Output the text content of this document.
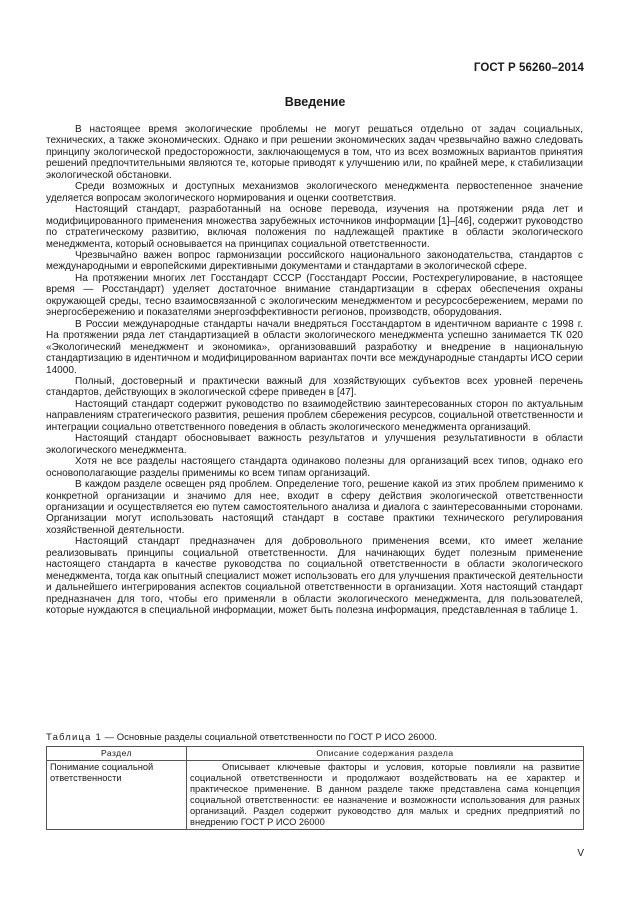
ГОСТ Р 56260–2014
Введение

В настоящее время экологические проблемы не могут решаться отдельно от задач социальных, технических, а также экономических. Однако и при решении экономических задач чрезвычайно важно следовать принципу экологической предосторожности, заключающемуся в том, что из всех возможных вариантов принятия решений предпочтительными являются те, которые приводят к улучшению или, по крайней мере, к стабилизации экологической обстановки.

Среди возможных и доступных механизмов экологического менеджмента первостепенное значение уделяется вопросам экологического нормирования и оценки соответствия.

Настоящий стандарт, разработанный на основе перевода, изучения на протяжении ряда лет и модифицированного применения множества зарубежных источников информации [1]–[46], содержит руководство по стратегическому развитию, включая положения по надлежащей практике в области экологического менеджмента, который основывается на принципах социальной ответственности.

Чрезвычайно важен вопрос гармонизации российского национального законодательства, стандартов с международными и европейскими директивными документами и стандартами в экологической сфере.

На протяжении многих лет Госстандарт СССР (Госстандарт России, Ростехрегулирование, в настоящее время — Росстандарт) уделяет достаточное внимание стандартизации в сферах обеспечения охраны окружающей среды, тесно взаимосвязанной с экологическим менеджментом и ресурсосбережением, мерами по энергосбережению и показателями энергоэффективности регионов, производств, оборудования.

В России международные стандарты начали внедряться Госстандартом в идентичном варианте с 1998 г. На протяжении ряда лет стандартизацией в области экологического менеджмента успешно занимается ТК 020 «Экологический менеджмент и экономика», организовавший разработку и внедрение в национальную стандартизацию в идентичном и модифицированном вариантах почти все международные стандарты ИСО серии 14000.

Полный, достоверный и практически важный для хозяйствующих субъектов всех уровней перечень стандартов, действующих в экологической сфере приведен в [47].

Настоящий стандарт содержит руководство по взаимодействию заинтересованных сторон по актуальным направлениям стратегического развития, решения проблем сбережения ресурсов, социальной ответственности и интеграции социально ответственного поведения в область экологического менеджмента организаций.

Настоящий стандарт обосновывает важность результатов и улучшения результативности в области экологического менеджмента.

Хотя не все разделы настоящего стандарта одинаково полезны для организаций всех типов, однако его основополагающие разделы применимы ко всем типам организаций.

В каждом разделе освещен ряд проблем. Определение того, решение какой из этих проблем применимо к конкретной организации и значимо для нее, входит в сферу действия экологической ответственности организации и осуществляется ею путем самостоятельного анализа и диалога с заинтересованными сторонами. Организации могут использовать настоящий стандарт в составе практики технического регулирования хозяйственной деятельности.

Настоящий стандарт предназначен для добровольного применения всеми, кто имеет желание реализовывать принципы социальной ответственности. Для начинающих будет полезным применение настоящего стандарта в качестве руководства по социальной ответственности в области экологического менеджмента, тогда как опытный специалист может использовать его для улучшения практической деятельности и дальнейшего интегрирования аспектов социальной ответственности в организации. Хотя настоящий стандарт предназначен для того, чтобы его применяли в области экологического менеджмента, для пользователей, которые нуждаются в специальной информации, может быть полезна информация, представленная в таблице 1.

Таблица 1 — Основные разделы социальной ответственности по ГОСТ Р ИСО 26000.
Раздел	Описание содержания раздела
Понимание социальной ответственности	Описывает ключевые факторы и условия, которые повлияли на развитие социальной ответственности и продолжают воздействовать на ее характер и практическое применение. В данном разделе также представлена сама концепция социальной ответственности: ее назначение и возможности использования для разных организаций. Раздел содержит руководство для малых и средних предприятий по внедрению ГОСТ Р ИСО 26000
V
